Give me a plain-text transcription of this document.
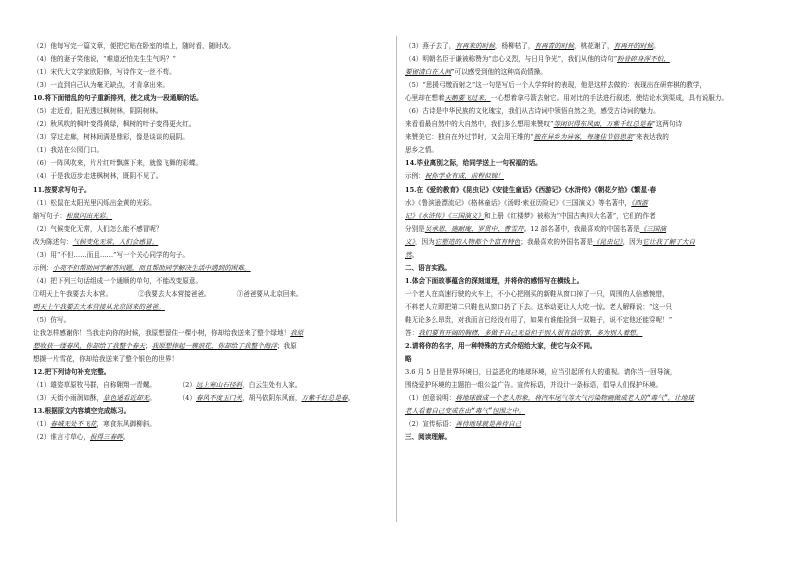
（2）他每写完一篇文章，便把它贴在卧室的墙上，随时看，随时改。
（4）他的妻子笑他说，“难道还怕先生生气吗？”
（1）宋代大文学家欧阳修，写诗作文一丝不苟。
（3）一直到自己认为毫无缺点，才肯拿出来。
10.将下面错乱的句子重新排列，使之成为一段通顺的话。
（5）走近看，阳光透过枫树林，阴阴树林。
（2）秋风吹的枫叶变得黄绿，枫树的叶子变得更火红。
（3）穿过走廊，树林间满是鼎彩，像是谈谈的晨阴。
（1）我站在公园门口。
（6）一阵风吹来，片片红叶飘落下来，就像飞舞的彩蝶。
（4）于是我迈步走进枫树林，既阴不见了。
11.按要求写句子。
（1）松鼠在太阳光里闪烁出金黄的光彩。
缩写句子：松鼠闪出光彩。
（2）气候变化无常，人们怎么能不感冒呢？
改为陈述句：气候变化无常，人们会感冒。
（3）用“不但……而且……”写一个关心同学的句子。
示例：小亮不但帮助同学解答问题，而且帮助同学解决生活中遇到的困难。
（4）把下列三句话组成一个通顺的单句，不能改变原意。
①明天上午我要去大本营。	②我要去大本营接爸爸。	③爸爸要从北京回来。
明天上午我要去大本营接从北京回来的爸爸。
（5）仿写。
让我怎样感谢你！当我走向你的时候，我原想留住一棵小树，你却给我送来了整个绿地！我原
想收获一缕春风，你却给了我整个春天；我原想捧起一簇浪花，你却给了我整个海洋；我原
想撷一片雪花，你却给我送来了整个银色的世界！
12.把下列诗句补充完整。
（1）雄姿草原牧马群，自称翱翔一青螺。	（2）远上寒山石径斜，白云生处有人家。
（3）天街小雨润如酥，草色遥看近却无。	（4）春风不度玉门关，胡马依阴东风面，万紫千红总是春。
13.根据原文内容填空完成练习。
（1）春城无处不飞花，寒食东风御柳斜。
（2）谁言寸草心，报得三春晖。
（3）燕子去了，有再来的时候，杨柳枯了，有再青的时候，桃花谢了，有再开的时候。
（4）明朝名臣于谦被称赞为“忠心义烈，与日月争光”，我们从他的诗句“粉骨碎身浑不怕，
要留清白在人间”可以感受到他的这种高尚情操。
（5）“思援弓缴而射之”这一句是写后一个人学弈时的表现，他是这样去做的：表现出在研弈棋的教学，
心里却在想着天鹅要飞过来，一心想着拿弓箭去射它。用对比的手法进行叙述，使结论水到渠成，具有说服力。
（6）古诗是中华民族的文化瑰宝，我们从古诗词中领悟自然之美，感受古诗词的魅力。
来看看最自然中的大自然中，我们多么想用来赞叹“等闲识得东风面，万紫千红总是春”这两句诗
来赞美它：独自在外过节时，又会用王维的“独在异乡为异客，每逢佳节倍思亲”来表达我的
思乡之情。
14.毕业离别之际，给同学送上一句祝福的话。
示例：祝你学业有成，前程似锦！
15.在《爱的教育》《昆虫记》《安徒生童话》《西游记》《水浒传》《朝花夕拾》《繁星·春
水》《鲁滨逊漂流记》《格林童话》《汤姆·索亚历险记》《三国演义》等名著中，《西游
记》《水浒传》《三国演义》和上册《红楼梦》被称为“中国古典四大名著”，它们的作者
分别是吴承恩、施耐庵、罗贯中、曹雪芹。12 部名著中，我最喜欢的中国名著是《三国演
义》，因为它塑造的人物都个个富有特色；我最喜欢的外国名著是《昆虫记》，因为它让我了解了大自
然。
二、语言实践。
1.体会下面故事蕴含的深刻道理，并将你的感悟写在横线上。
一个老人在高速行驶的火车上，不小心把刚买的新鞋从窗口掉了一只，周围的人倍感惋惜，
不料老人立即把第二只鞋也从窗口扔了下去。这举动更让人大吃一惊。老人解释说：“这一只
鞋无论多么昂贵，对我而言已经没有用了，如果有谁能捡到一双鞋子，说不定他还能穿呢！”
答：我们要有开阔的胸襟，多做于自己无益但于别人很有益的事，多为别人着想。
2.请将你的名字，用一种特殊的方式介绍给大家，使它与众不同。
略
3.6 月 5 日是世界环境日，日益恶化的地球环境，应当引起所有人的重视。请你当一回导演，
围绕爱护环境的主题拍一组公益广告。宣传标语，并设计一条标语，倡导人们保护环境。
（1）创意说明：将地球做成一个老人形象，将汽车尾气等大气污染物画做成老人的“毒气”，让地球
老人看着自己变成在由“毒气”包围之中。
（2）宣传标语：善待地球就是善待自己
三、阅读理解。
